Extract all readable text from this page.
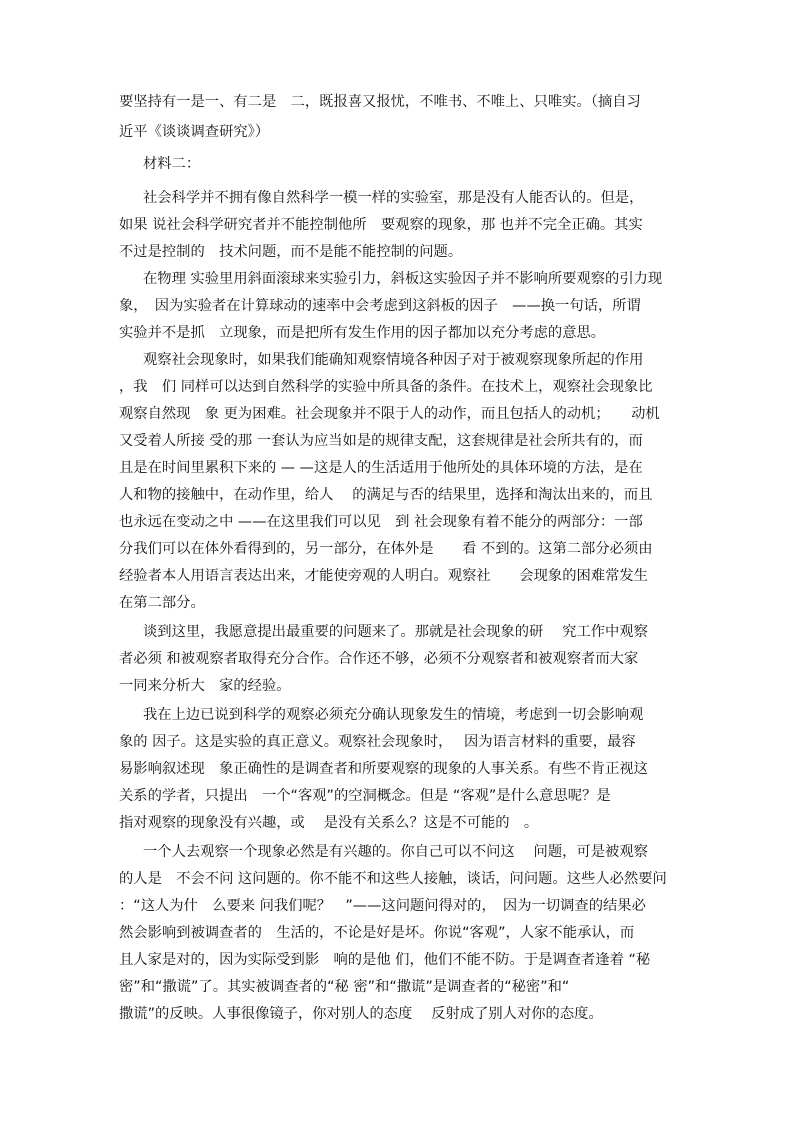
要坚持有一是一、有二是　二，既报喜又报忧，不唯书、不唯上、只唯实。（摘自习
近平《谈谈调查研究》）
材料二：
社会科学并不拥有像自然科学一模一样的实验室，那是没有人能否认的。但是，
如果 说社会科学研究者并不能控制他所　要观察的现象，那 也并不完全正确。其实
不过是控制的　技术问题，而不是能不能控制的问题。
在物理 实验里用斜面滚球来实验引力，斜板这实验因子并不影响所要观察的引力现
象，　因为实验者在计算球动的速率中会考虑到这斜板的因子　——换一句话，所谓
实验并不是抓　立现象，而是把所有发生作用的因子都加以充分考虑的意思。
观察社会现象时，如果我们能确知观察情境各种因子对于被观察现象所起的作用
，我　们 同样可以达到自然科学的实验中所具备的条件。在技术上，观察社会现象比
观察自然现　象 更为困难。社会现象并不限于人的动作，而且包括人的动机；　　动机
又受着人所接 受的那 一套认为应当如是的规律支配，这套规律是社会所共有的，而
且是在时间里累积下来的 — —这是人的生活适用于他所处的具体环境的方法，是在
人和物的接触中，在动作里，给人　 的满足与否的结果里，选择和淘汰出来的，而且
也永远在变动之中 ——在这里我们可以见　到 社会现象有着不能分的两部分：一部
分我们可以在体外看得到的，另一部分，在体外是　　看 不到的。这第二部分必须由
经验者本人用语言表达出来，才能使旁观的人明白。观察社　　会现象的困难常发生
在第二部分。
谈到这里，我愿意提出最重要的问题来了。那就是社会现象的研　 究工作中观察
者必须 和被观察者取得充分合作。合作还不够，必须不分观察者和被观察者而大家
一同来分析大　家的经验。
我在上边已说到科学的观察必须充分确认现象发生的情境，考虑到一切会影响观
象的 因子。这是实验的真正意义。观察社会现象时，　 因为语言材料的重要，最容
易影响叙述现　象正确性的是调查者和所要观察的现象的人事关系。有些不肯正视这
关系的学者，只提出　一个“客观”的空洞概念。但是 “客观”是什么意思呢？是
指对观察的现象没有兴趣，或　 是没有关系么？这是不可能的　。
一个人去观察一个现象必然是有兴趣的。你自己可以不问这　 问题，可是被观察
的人是　不会不问 这问题的。你不能不和这些人接触，谈话，问问题。这些人必然要问
：“这人为什　么要来 问我们呢？　”——这问题问得对的，　因为一切调查的结果必
然会影响到被调查者的　生活的，不论是好是坏。你说“客观”，人家不能承认，而
且人家是对的，因为实际受到影　响的是他 们，他们不能不防。于是调查者逢着 “秘
密”和“撒谎”了。其实被调查者的“秘 密”和“撒谎”是调查者的“秘密”和“
撒谎”的反映。人事很像镜子，你对别人的态度　 反射成了别人对你的态度。
